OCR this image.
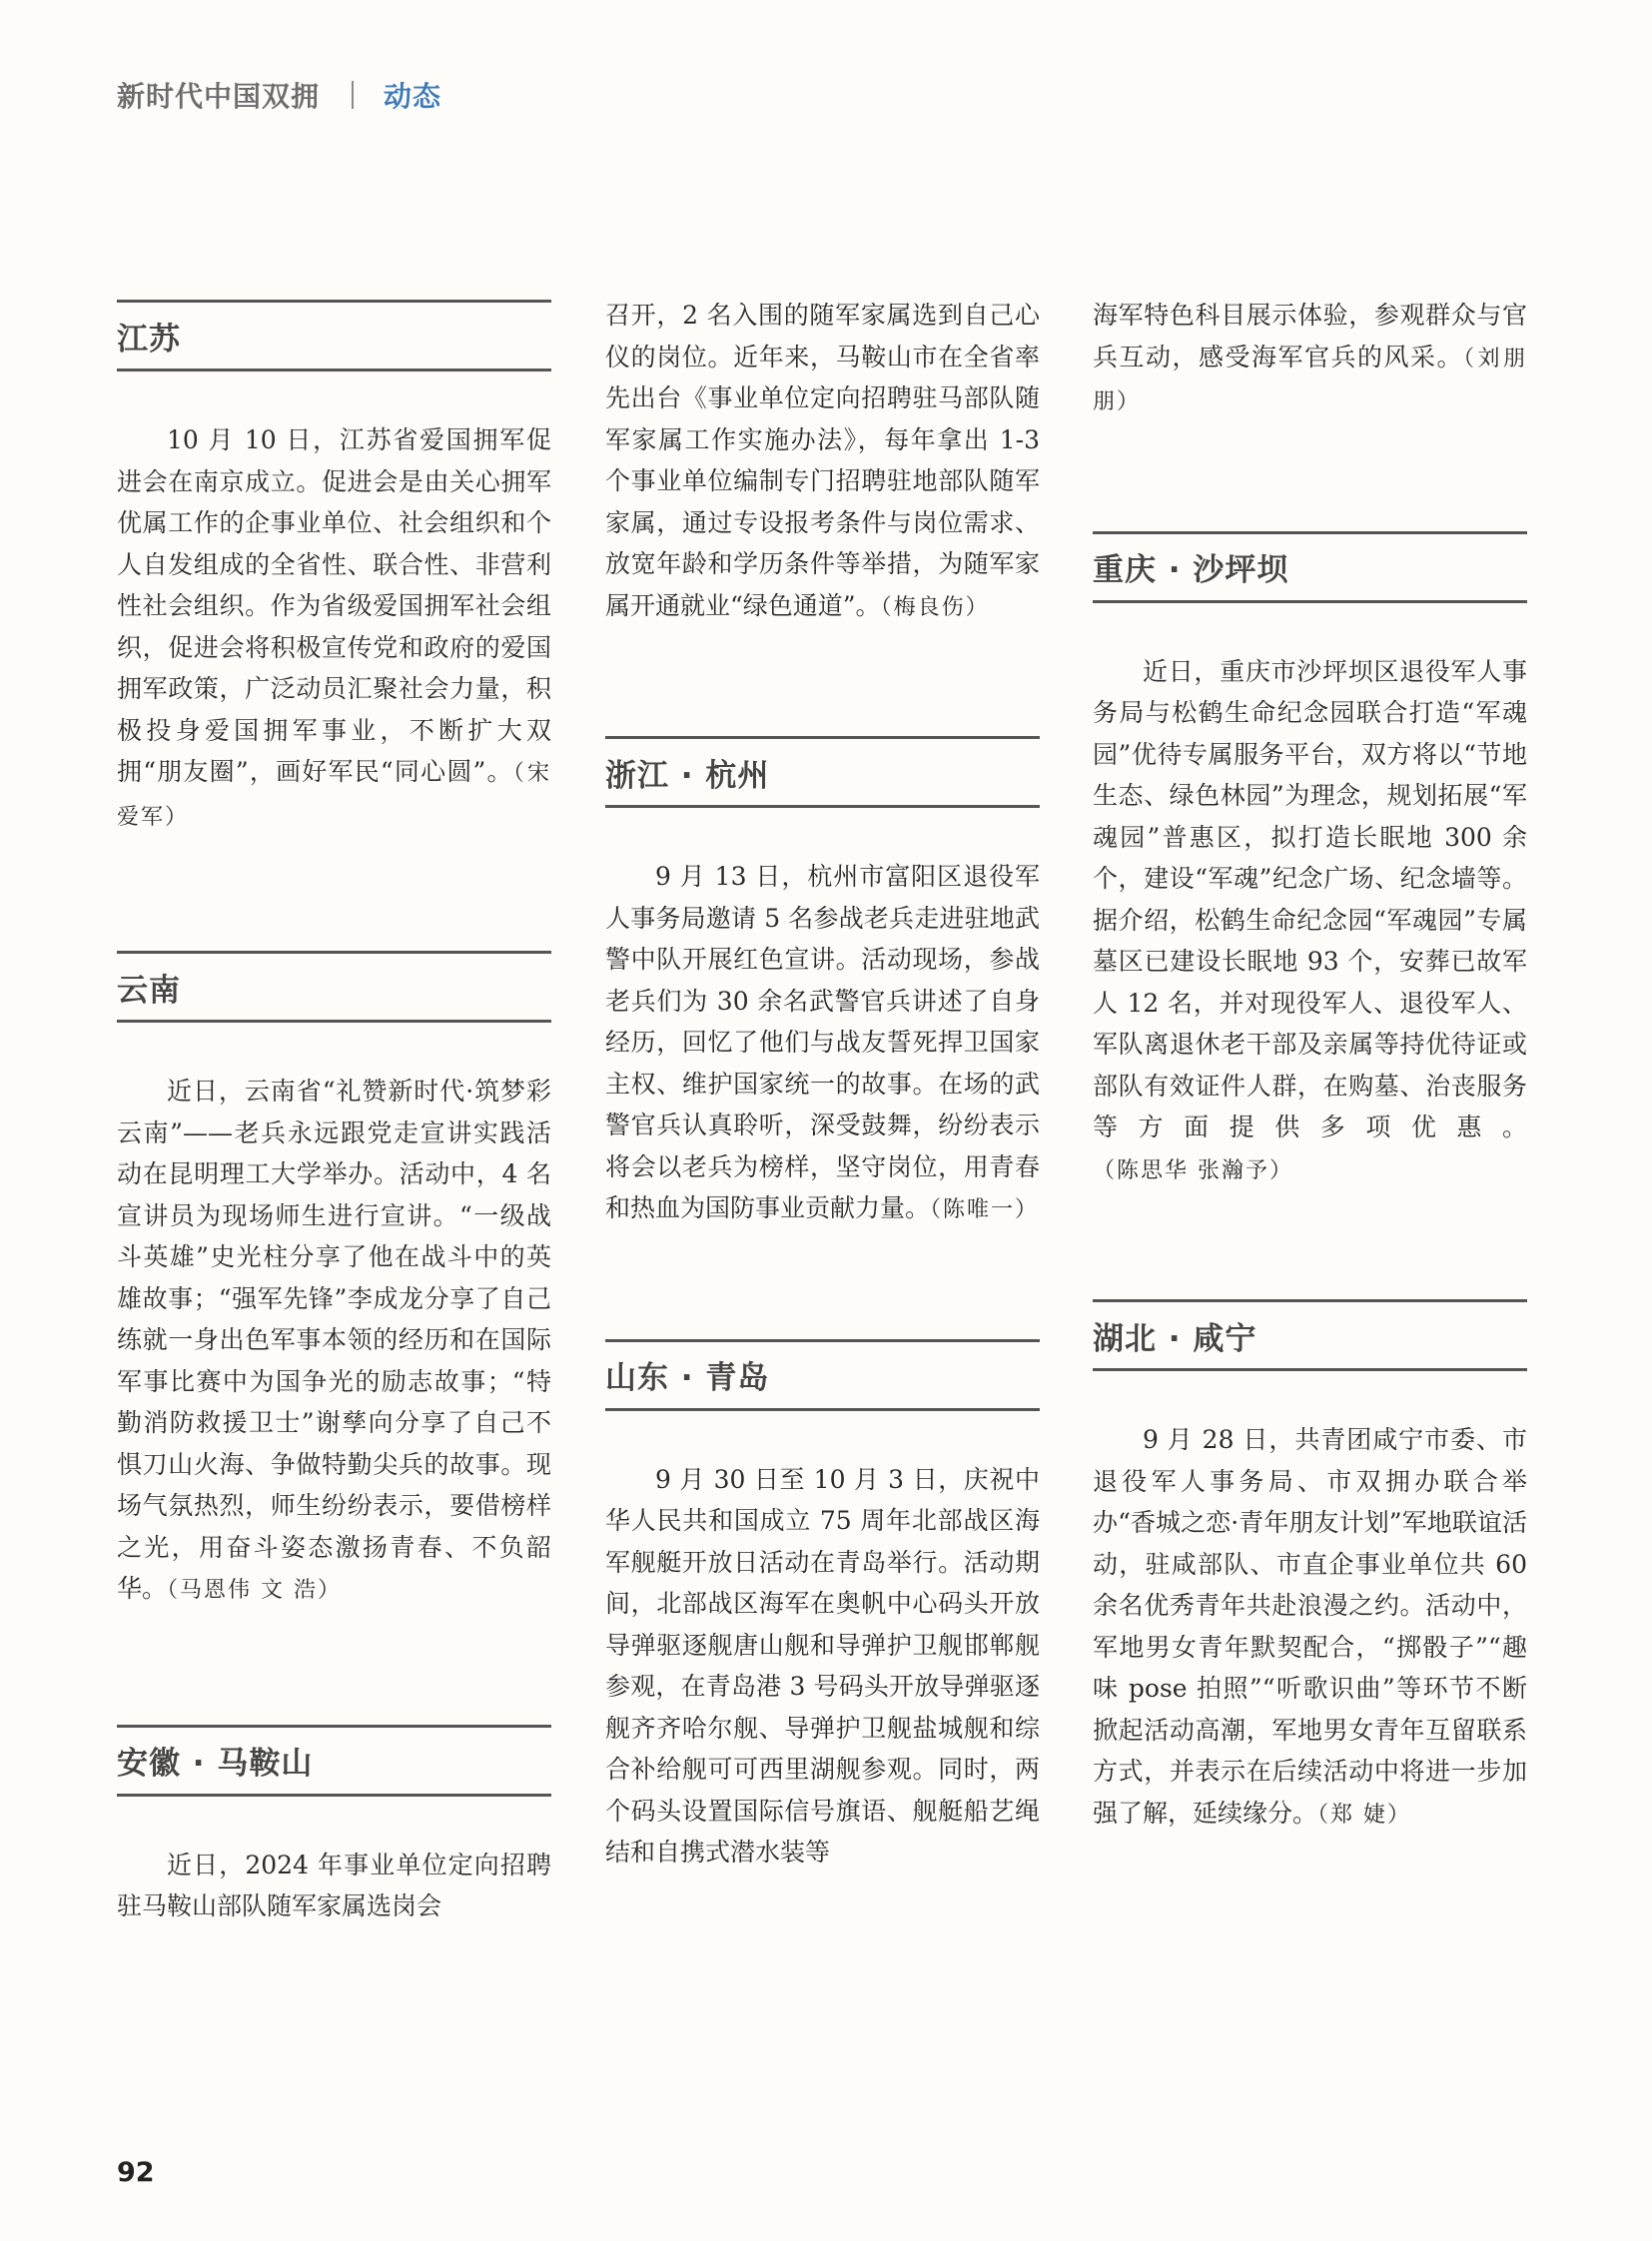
新时代中国双拥 动态
江苏

10 月 10 日，江苏省爱国拥军促进会在南京成立。促进会是由关心拥军优属工作的企事业单位、社会组织和个人自发组成的全省性、联合性、非营利性社会组织。作为省级爱国拥军社会组织，促进会将积极宣传党和政府的爱国拥军政策，广泛动员汇聚社会力量，积极投身爱国拥军事业，不断扩大双拥“朋友圈”，画好军民“同心圆”。（宋爱军）

云南

近日，云南省“礼赞新时代·筑梦彩云南”——老兵永远跟党走宣讲实践活动在昆明理工大学举办。活动中，4 名宣讲员为现场师生进行宣讲。“一级战斗英雄”史光柱分享了他在战斗中的英雄故事；“强军先锋”李成龙分享了自己练就一身出色军事本领的经历和在国际军事比赛中为国争光的励志故事；“特勤消防救援卫士”谢孳向分享了自己不惧刀山火海、争做特勤尖兵的故事。现场气氛热烈，师生纷纷表示，要借榜样之光，用奋斗姿态激扬青春、不负韶华。（马恩伟 文 浩）

安徽 · 马鞍山

近日，2024 年事业单位定向招聘驻马鞍山部队随军家属选岗会

召开，2 名入围的随军家属选到自己心仪的岗位。近年来，马鞍山市在全省率先出台《事业单位定向招聘驻马部队随军家属工作实施办法》，每年拿出 1-3 个事业单位编制专门招聘驻地部队随军家属，通过专设报考条件与岗位需求、放宽年龄和学历条件等举措，为随军家属开通就业“绿色通道”。（梅良伤）

浙江 · 杭州

9 月 13 日，杭州市富阳区退役军人事务局邀请 5 名参战老兵走进驻地武警中队开展红色宣讲。活动现场，参战老兵们为 30 余名武警官兵讲述了自身经历，回忆了他们与战友誓死捍卫国家主权、维护国家统一的故事。在场的武警官兵认真聆听，深受鼓舞，纷纷表示将会以老兵为榜样，坚守岗位，用青春和热血为国防事业贡献力量。（陈唯一）

山东 · 青岛

9 月 30 日至 10 月 3 日，庆祝中华人民共和国成立 75 周年北部战区海军舰艇开放日活动在青岛举行。活动期间，北部战区海军在奥帆中心码头开放导弹驱逐舰唐山舰和导弹护卫舰邯郸舰参观，在青岛港 3 号码头开放导弹驱逐舰齐齐哈尔舰、导弹护卫舰盐城舰和综合补给舰可可西里湖舰参观。同时，两个码头设置国际信号旗语、舰艇船艺绳结和自携式潜水装等

海军特色科目展示体验，参观群众与官兵互动，感受海军官兵的风采。（刘朋朋）

重庆 · 沙坪坝

近日，重庆市沙坪坝区退役军人事务局与松鹤生命纪念园联合打造“军魂园”优待专属服务平台，双方将以“节地生态、绿色林园”为理念，规划拓展“军魂园”普惠区，拟打造长眠地 300 余个，建设“军魂”纪念广场、纪念墙等。据介绍，松鹤生命纪念园“军魂园”专属墓区已建设长眠地 93 个，安葬已故军人 12 名，并对现役军人、退役军人、军队离退休老干部及亲属等持优待证或部队有效证件人群，在购墓、治丧服务等方面提供多项优惠。（陈思华 张瀚予）

湖北 · 咸宁

9 月 28 日，共青团咸宁市委、市退役军人事务局、市双拥办联合举办“香城之恋·青年朋友计划”军地联谊活动，驻咸部队、市直企事业单位共 60 余名优秀青年共赴浪漫之约。活动中，军地男女青年默契配合，“掷骰子”“趣味 pose 拍照”“听歌识曲”等环节不断掀起活动高潮，军地男女青年互留联系方式，并表示在后续活动中将进一步加强了解，延续缘分。（郑 婕）

92
